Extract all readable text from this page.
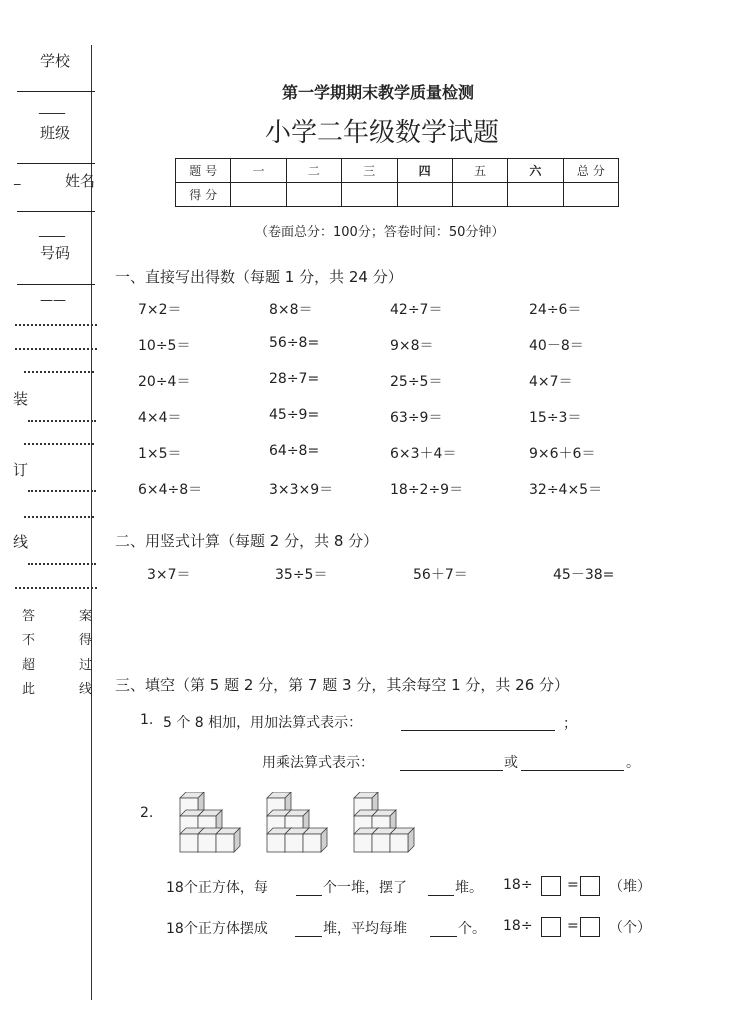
学校
____
班级
_	姓名
____
号码
——
装
订
线
答
不
超
此
案
得
过
线
第一学期期末教学质量检测
小学二年级数学试题
题 号	一	二	三	四	五	六	总 分
得 分							
（卷面总分：100分；答卷时间：50分钟）
一、直接写出得数（每题 1 分，共 24 分）
7×2＝	8×8＝	42÷7＝	24÷6＝
10÷5＝	56÷8=	9×8＝	40－8＝
20÷4＝	28÷7=	25÷5＝	4×7＝
4×4＝	45÷9=	63÷9＝	15÷3＝
1×5＝	64÷8=	6×3＋4＝	9×6＋6＝
6×4÷8＝	3×3×9＝	18÷2÷9＝	32÷4×5＝
二、用竖式计算（每题 2 分，共 8 分）
3×7＝	35÷5＝	56＋7＝	45－38=
三、填空（第 5 题 2 分，第 7 题 3 分，其余每空 1 分，共 26 分）
1. 5 个 8 相加，用加法算式表示：	；
用乘法算式表示：	或	。
2.
18个正方体，每	个一堆，摆了	堆。 18÷ = （堆）
18个正方体摆成	堆，平均每堆	个。 18÷ = （个）
